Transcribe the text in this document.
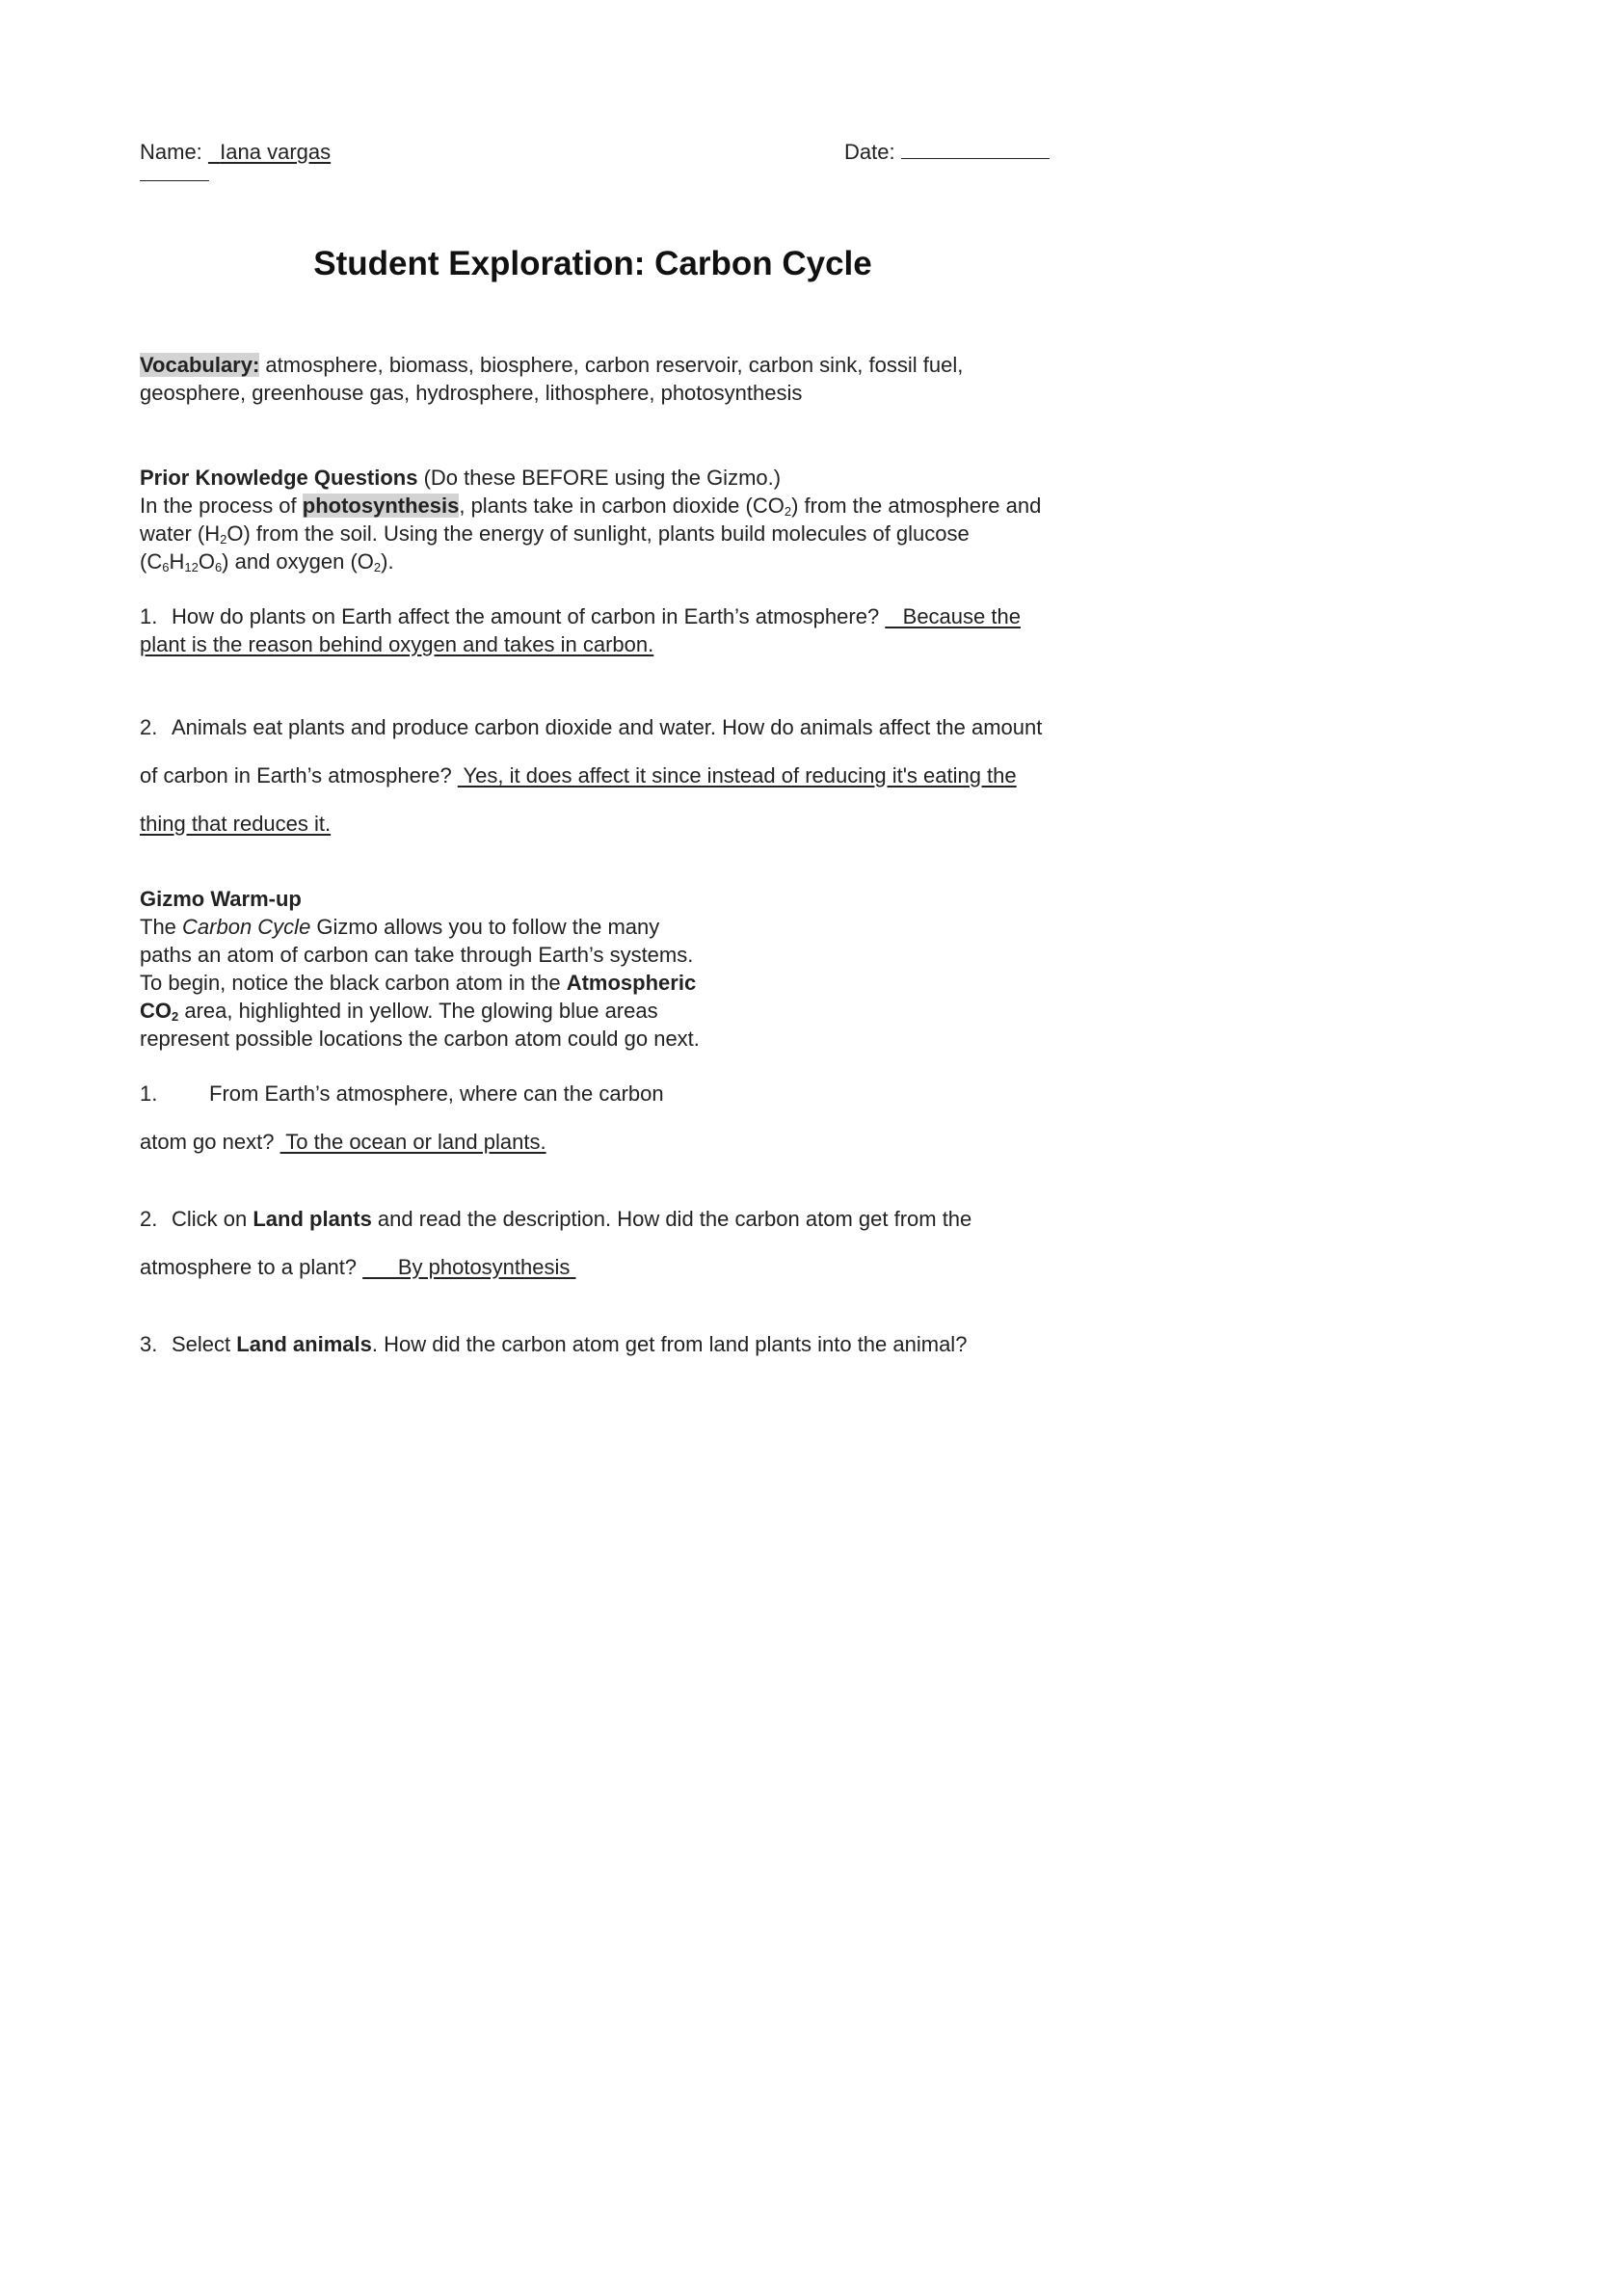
Name: Iana vargas	Date:
Student Exploration: Carbon Cycle
Vocabulary: atmosphere, biomass, biosphere, carbon reservoir, carbon sink, fossil fuel,
geosphere, greenhouse gas, hydrosphere, lithosphere, photosynthesis
Prior Knowledge Questions (Do these BEFORE using the Gizmo.)
In the process of photosynthesis, plants take in carbon dioxide $(CO_2)$ from the atmosphere and
water $(H_2O)$ from the soil. Using the energy of sunlight, plants build molecules of glucose
$(C_6H_{12}O_6)$ and oxygen $(O_2)$.
1. How do plants on Earth affect the amount of carbon in Earth’s atmosphere?    Because the
plant is the reason behind oxygen and takes in carbon.
2. Animals eat plants and produce carbon dioxide and water. How do animals affect the amount
of carbon in Earth’s atmosphere?  Yes, it does affect it since instead of reducing it's eating the
thing that reduces it.
Gizmo Warm-up
The Carbon Cycle Gizmo allows you to follow the many
paths an atom of carbon can take through Earth’s systems.
To begin, notice the black carbon atom in the Atmospheric
$CO_2$ area, highlighted in yellow. The glowing blue areas
represent possible locations the carbon atom could go next.
1. From Earth’s atmosphere, where can the carbon
atom go next?  To the ocean or land plants.
2. Click on Land plants and read the description. How did the carbon atom get from the
atmosphere to a plant?       By photosynthesis
3. Select Land animals. How did the carbon atom get from land plants into the animal?
